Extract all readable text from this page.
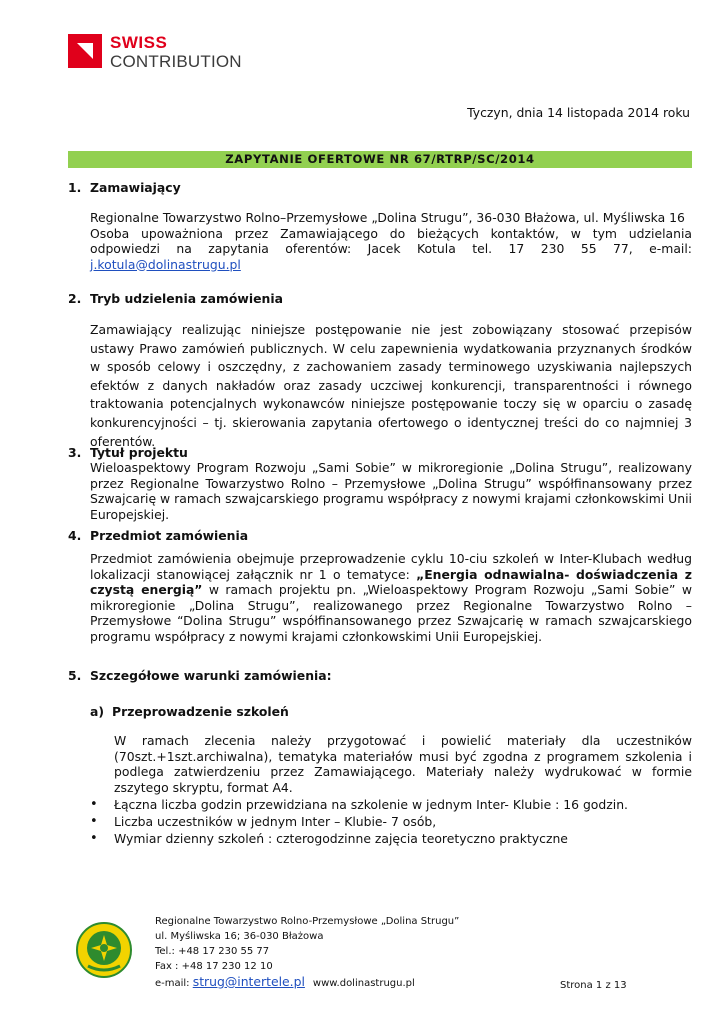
SWISS
CONTRIBUTION
Tyczyn, dnia 14 listopada 2014 roku
ZAPYTANIE OFERTOWE NR 67/RTRP/SC/2014
1. Zamawiający
Regionalne Towarzystwo Rolno–Przemysłowe „Dolina Strugu”, 36-030 Błażowa, ul. Myśliwska 16
Osoba upoważniona przez Zamawiającego do bieżących kontaktów, w tym udzielania odpowiedzi na zapytania oferentów: Jacek Kotula tel. 17 230 55 77, e-mail: j.kotula@dolinastrugu.pl
2. Tryb udzielenia zamówienia
Zamawiający realizując niniejsze postępowanie nie jest zobowiązany stosować przepisów ustawy Prawo zamówień publicznych. W celu zapewnienia wydatkowania przyznanych środków w sposób celowy i oszczędny, z zachowaniem zasady terminowego uzyskiwania najlepszych efektów z danych nakładów oraz zasady uczciwej konkurencji, transparentności i równego traktowania potencjalnych wykonawców niniejsze postępowanie toczy się w oparciu o zasadę konkurencyjności – tj. skierowania zapytania ofertowego o identycznej treści do co najmniej 3 oferentów.
3. Tytuł projektu
Wieloaspektowy Program Rozwoju „Sami Sobie” w mikroregionie „Dolina Strugu”, realizowany przez Regionalne Towarzystwo Rolno – Przemysłowe „Dolina Strugu” współfinansowany przez Szwajcarię w ramach szwajcarskiego programu współpracy z nowymi krajami członkowskimi Unii Europejskiej.
4. Przedmiot zamówienia
Przedmiot zamówienia obejmuje przeprowadzenie cyklu 10-ciu szkoleń w Inter-Klubach według lokalizacji stanowiącej załącznik nr 1 o tematyce: „Energia odnawialna- doświadczenia z czystą energią” w ramach projektu pn. „Wieloaspektowy Program Rozwoju „Sami Sobie” w mikroregionie „Dolina Strugu”, realizowanego przez Regionalne Towarzystwo Rolno – Przemysłowe “Dolina Strugu” współfinansowanego przez Szwajcarię w ramach szwajcarskiego programu współpracy z nowymi krajami członkowskimi Unii Europejskiej.
5. Szczegółowe warunki zamówienia:
a) Przeprowadzenie szkoleń
W ramach zlecenia należy przygotować i powielić materiały dla uczestników (70szt.+1szt.archiwalna), tematyka materiałów musi być zgodna z programem szkolenia i podlega zatwierdzeniu przez Zamawiającego. Materiały należy wydrukować w formie zszytego skryptu, format A4.
• Łączna liczba godzin przewidziana na szkolenie w jednym Inter- Klubie : 16 godzin.
• Liczba uczestników w jednym Inter – Klubie- 7 osób,
• Wymiar dzienny szkoleń : czterogodzinne zajęcia teoretyczno praktyczne
Regionalne Towarzystwo Rolno-Przemysłowe „Dolina Strugu”
ul. Myśliwska 16; 36-030 Błażowa
Tel.: +48 17 230 55 77
Fax : +48 17 230 12 10
e-mail: strug@intertele.pl www.dolinastrugu.pl	Strona 1 z 13
